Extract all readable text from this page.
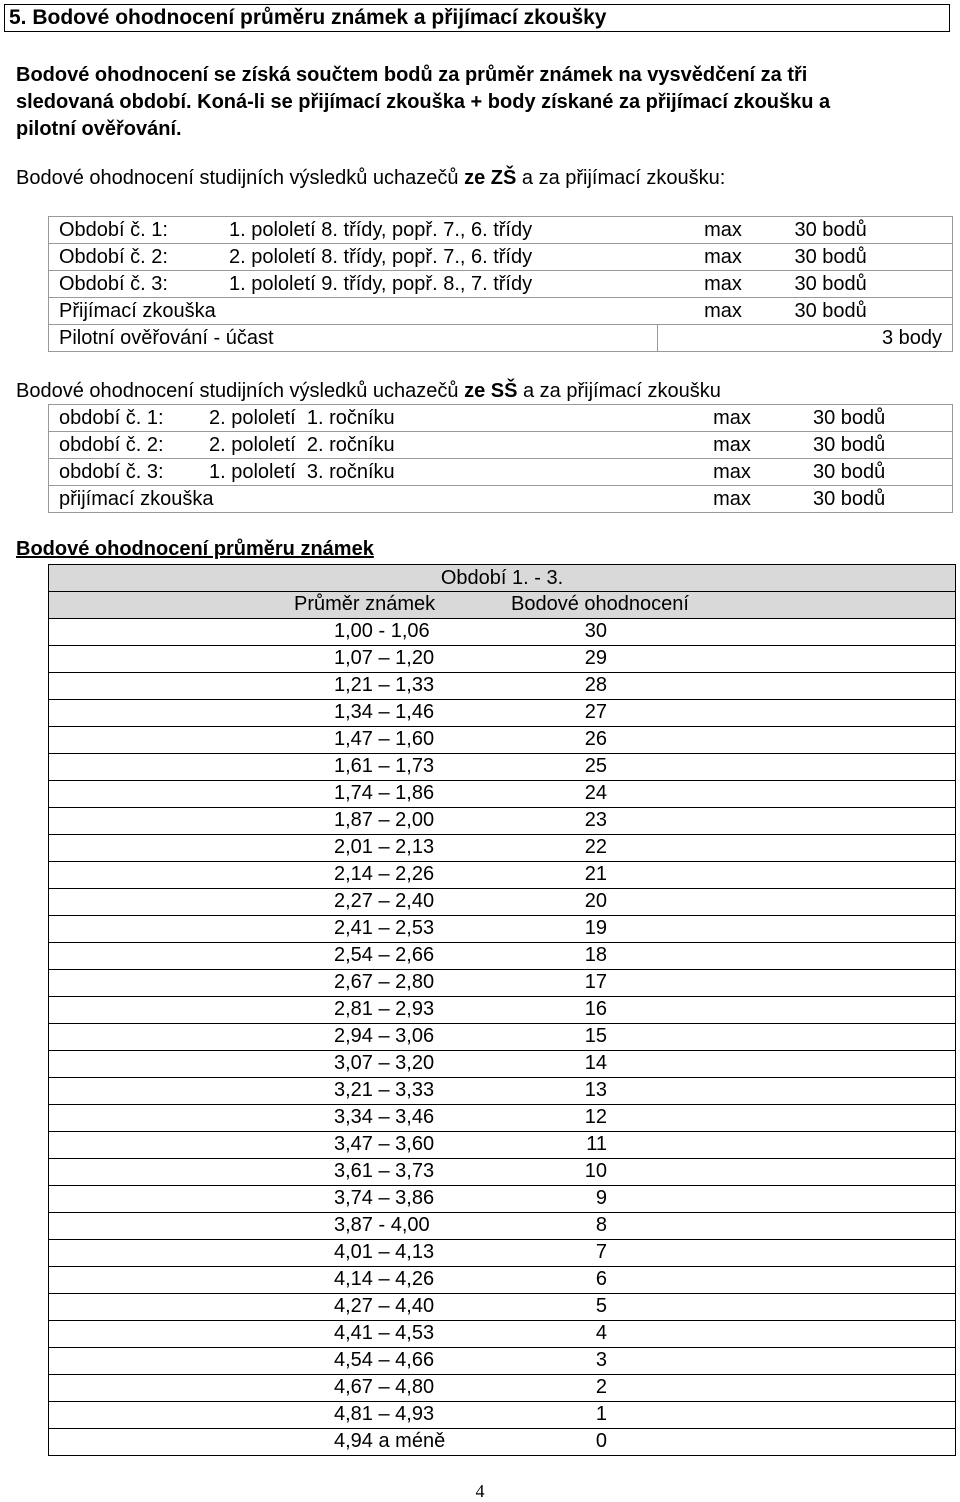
5. Bodové ohodnocení průměru známek a přijímací zkoušky
Bodové ohodnocení se získá součtem bodů za průměr známek na vysvědčení za tři
sledovaná období. Koná-li se přijímací zkouška + body získané za přijímací zkoušku a
pilotní ověřování.
Bodové ohodnocení studijních výsledků uchazečů ze ZŠ a za přijímací zkoušku:
Období č. 1: 1. pololetí 8. třídy, popř. 7., 6. třídy	max	30 bodů
Období č. 2: 2. pololetí 8. třídy, popř. 7., 6. třídy	max	30 bodů
Období č. 3: 1. pololetí 9. třídy, popř. 8., 7. třídy	max	30 bodů
Přijímací zkouška	max	30 bodů
Pilotní ověřování - účast	3 body	
Bodové ohodnocení studijních výsledků uchazečů ze SŠ a za přijímací zkoušku
období č. 1: 2. pololetí  1. ročníku	max	30 bodů
období č. 2: 2. pololetí  2. ročníku	max	30 bodů
období č. 3: 1. pololetí  3. ročníku	max	30 bodů
přijímací zkouška	max	30 bodů
Bodové ohodnocení průměru známek
Období 1. - 3.

Průměr známek	Bodové ohodnocení

1,00 - 1,06	30

1,07 – 1,20	29

1,21 – 1,33	28

1,34 – 1,46	27

1,47 – 1,60	26

1,61 – 1,73	25

1,74 – 1,86	24

1,87 – 2,00	23

2,01 – 2,13	22

2,14 – 2,26	21

2,27 – 2,40	20

2,41 – 2,53	19

2,54 – 2,66	18

2,67 – 2,80	17

2,81 – 2,93	16

2,94 – 3,06	15

3,07 – 3,20	14

3,21 – 3,33	13

3,34 – 3,46	12

3,47 – 3,60	11

3,61 – 3,73	10

3,74 – 3,86	9

3,87 - 4,00	8

4,01 – 4,13	7

4,14 – 4,26	6

4,27 – 4,40	5

4,41 – 4,53	4

4,54 – 4,66	3

4,67 – 4,80	2

4,81 – 4,93	1

4,94 a méně	0
4
